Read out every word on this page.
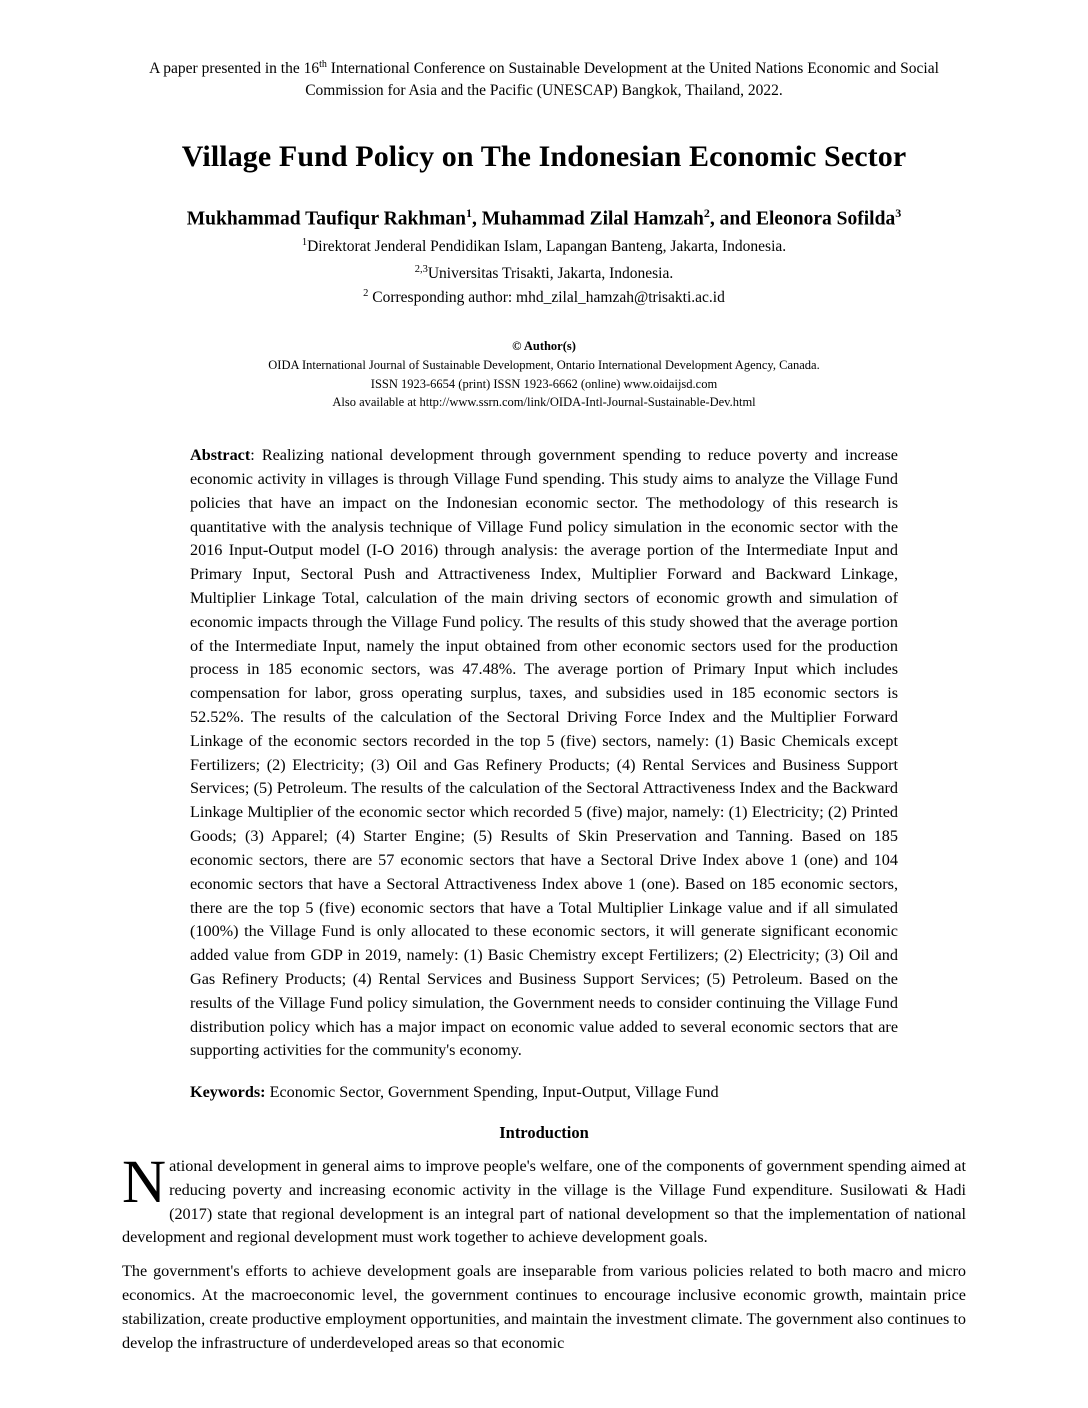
A paper presented in the 16th International Conference on Sustainable Development at the United Nations Economic and Social Commission for Asia and the Pacific (UNESCAP) Bangkok, Thailand, 2022.
Village Fund Policy on The Indonesian Economic Sector
Mukhammad Taufiqur Rakhman$^1$, Muhammad Zilal Hamzah$^2$, and Eleonora Sofilda$^3$
$^1$Direktorat Jenderal Pendidikan Islam, Lapangan Banteng, Jakarta, Indonesia.
$^{2,3}$Universitas Trisakti, Jakarta, Indonesia.
$^2$ Corresponding author: mhd_zilal_hamzah@trisakti.ac.id
© Author(s)
OIDA International Journal of Sustainable Development, Ontario International Development Agency, Canada.
ISSN 1923-6654 (print) ISSN 1923-6662 (online) www.oidaijsd.com
Also available at http://www.ssrn.com/link/OIDA-Intl-Journal-Sustainable-Dev.html
Abstract: Realizing national development through government spending to reduce poverty and increase economic activity in villages is through Village Fund spending. This study aims to analyze the Village Fund policies that have an impact on the Indonesian economic sector. The methodology of this research is quantitative with the analysis technique of Village Fund policy simulation in the economic sector with the 2016 Input-Output model (I-O 2016) through analysis: the average portion of the Intermediate Input and Primary Input, Sectoral Push and Attractiveness Index, Multiplier Forward and Backward Linkage, Multiplier Linkage Total, calculation of the main driving sectors of economic growth and simulation of economic impacts through the Village Fund policy. The results of this study showed that the average portion of the Intermediate Input, namely the input obtained from other economic sectors used for the production process in 185 economic sectors, was 47.48%. The average portion of Primary Input which includes compensation for labor, gross operating surplus, taxes, and subsidies used in 185 economic sectors is 52.52%. The results of the calculation of the Sectoral Driving Force Index and the Multiplier Forward Linkage of the economic sectors recorded in the top 5 (five) sectors, namely: (1) Basic Chemicals except Fertilizers; (2) Electricity; (3) Oil and Gas Refinery Products; (4) Rental Services and Business Support Services; (5) Petroleum. The results of the calculation of the Sectoral Attractiveness Index and the Backward Linkage Multiplier of the economic sector which recorded 5 (five) major, namely: (1) Electricity; (2) Printed Goods; (3) Apparel; (4) Starter Engine; (5) Results of Skin Preservation and Tanning. Based on 185 economic sectors, there are 57 economic sectors that have a Sectoral Drive Index above 1 (one) and 104 economic sectors that have a Sectoral Attractiveness Index above 1 (one). Based on 185 economic sectors, there are the top 5 (five) economic sectors that have a Total Multiplier Linkage value and if all simulated (100%) the Village Fund is only allocated to these economic sectors, it will generate significant economic added value from GDP in 2019, namely: (1) Basic Chemistry except Fertilizers; (2) Electricity; (3) Oil and Gas Refinery Products; (4) Rental Services and Business Support Services; (5) Petroleum. Based on the results of the Village Fund policy simulation, the Government needs to consider continuing the Village Fund distribution policy which has a major impact on economic value added to several economic sectors that are supporting activities for the community's economy.
Keywords: Economic Sector, Government Spending, Input-Output, Village Fund
Introduction
National development in general aims to improve people's welfare, one of the components of government spending aimed at reducing poverty and increasing economic activity in the village is the Village Fund expenditure. Susilowati & Hadi (2017) state that regional development is an integral part of national development so that the implementation of national development and regional development must work together to achieve development goals.
The government's efforts to achieve development goals are inseparable from various policies related to both macro and micro economics. At the macroeconomic level, the government continues to encourage inclusive economic growth, maintain price stabilization, create productive employment opportunities, and maintain the investment climate. The government also continues to develop the infrastructure of underdeveloped areas so that economic
